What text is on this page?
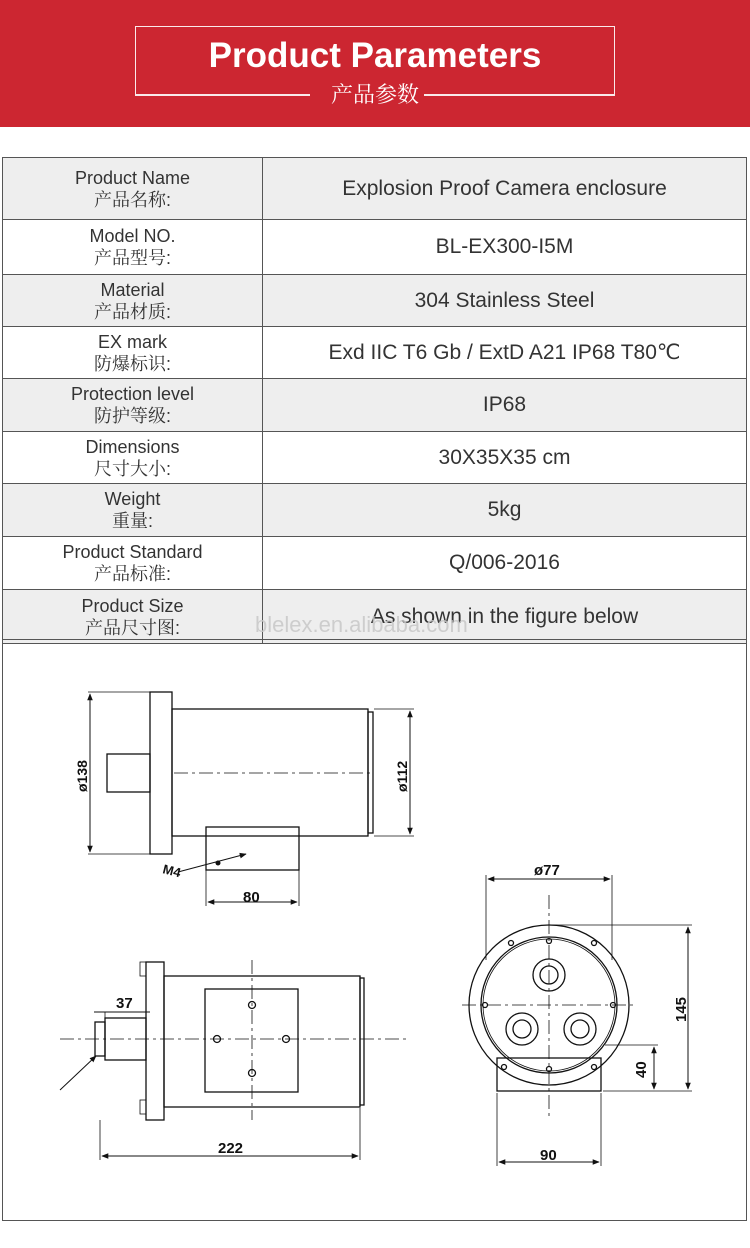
Product Parameters
产品参数
Product Name
产品名称:	Explosion Proof Camera enclosure

Model NO.
产品型号:	BL-EX300-I5M

Material
产品材质:	304 Stainless Steel

EX mark
防爆标识:	Exd IIC T6 Gb / ExtD A21 IP68 T80℃

Protection level
防护等级:	IP68

Dimensions
尺寸大小:	30X35X35 cm

Weight
重量:	5kg

Product Standard
产品标准:	Q/006-2016

Product Size
产品尺寸图:	As shown in the figure below
blelex.en.alibaba.com
ø138	ø112
M4
80
37
222
ø77
145
40
90
